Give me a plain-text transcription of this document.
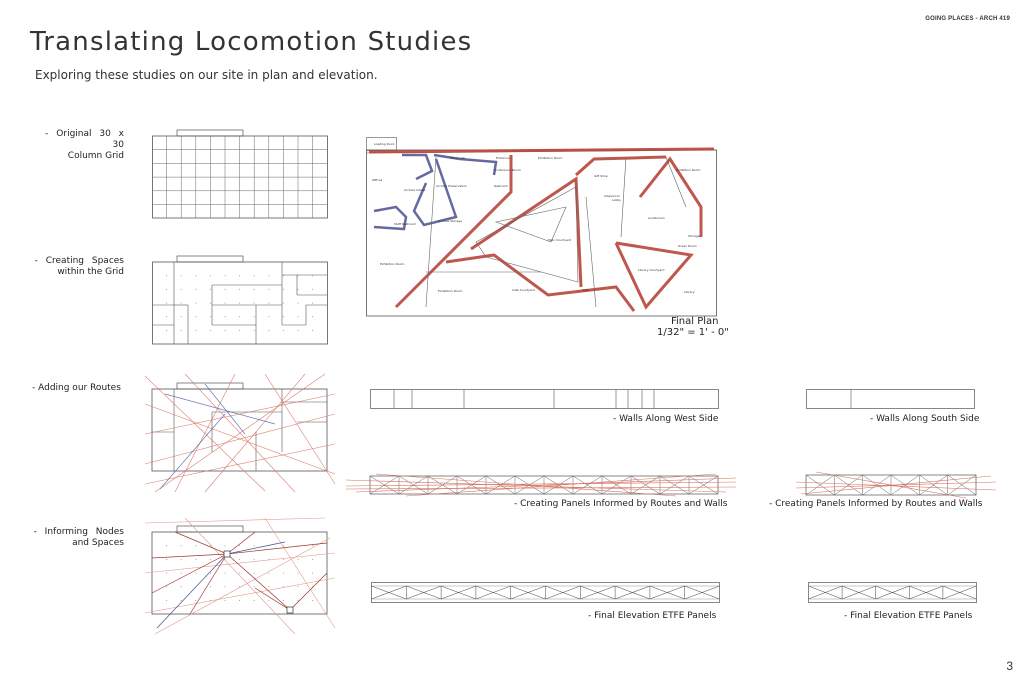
GOING PLACES - ARCH 419
Translating Locomotion Studies
Exploring these studies on our site in plan and elevation.
- Original 30 x 30
Column Grid
- Creating Spaces
within the Grid
- Adding our Routes
- Informing Nodes
and Spaces
Loading Dock
Offices
Archive Intake
Archive Preservation
Archive Storage
Staff Restroom
Exhibition Room
Exhibition Room
Study Lab
Conference Room
Restroom
Entrance	Exhibition Room
Gift Shop
Classroom
Lobby
Main Courtyard
Exhibition Room
Auditorium
Storage
Green Room
Library Courtyard
Library
Café Courtyard	Café
Final Plan
1/32" = 1' - 0"
- Walls Along West Side	- Walls Along South Side
- Creating Panels Informed by Routes and Walls	- Creating Panels Informed by Routes and Walls
- Final Elevation ETFE Panels	- Final Elevation ETFE Panels
3
